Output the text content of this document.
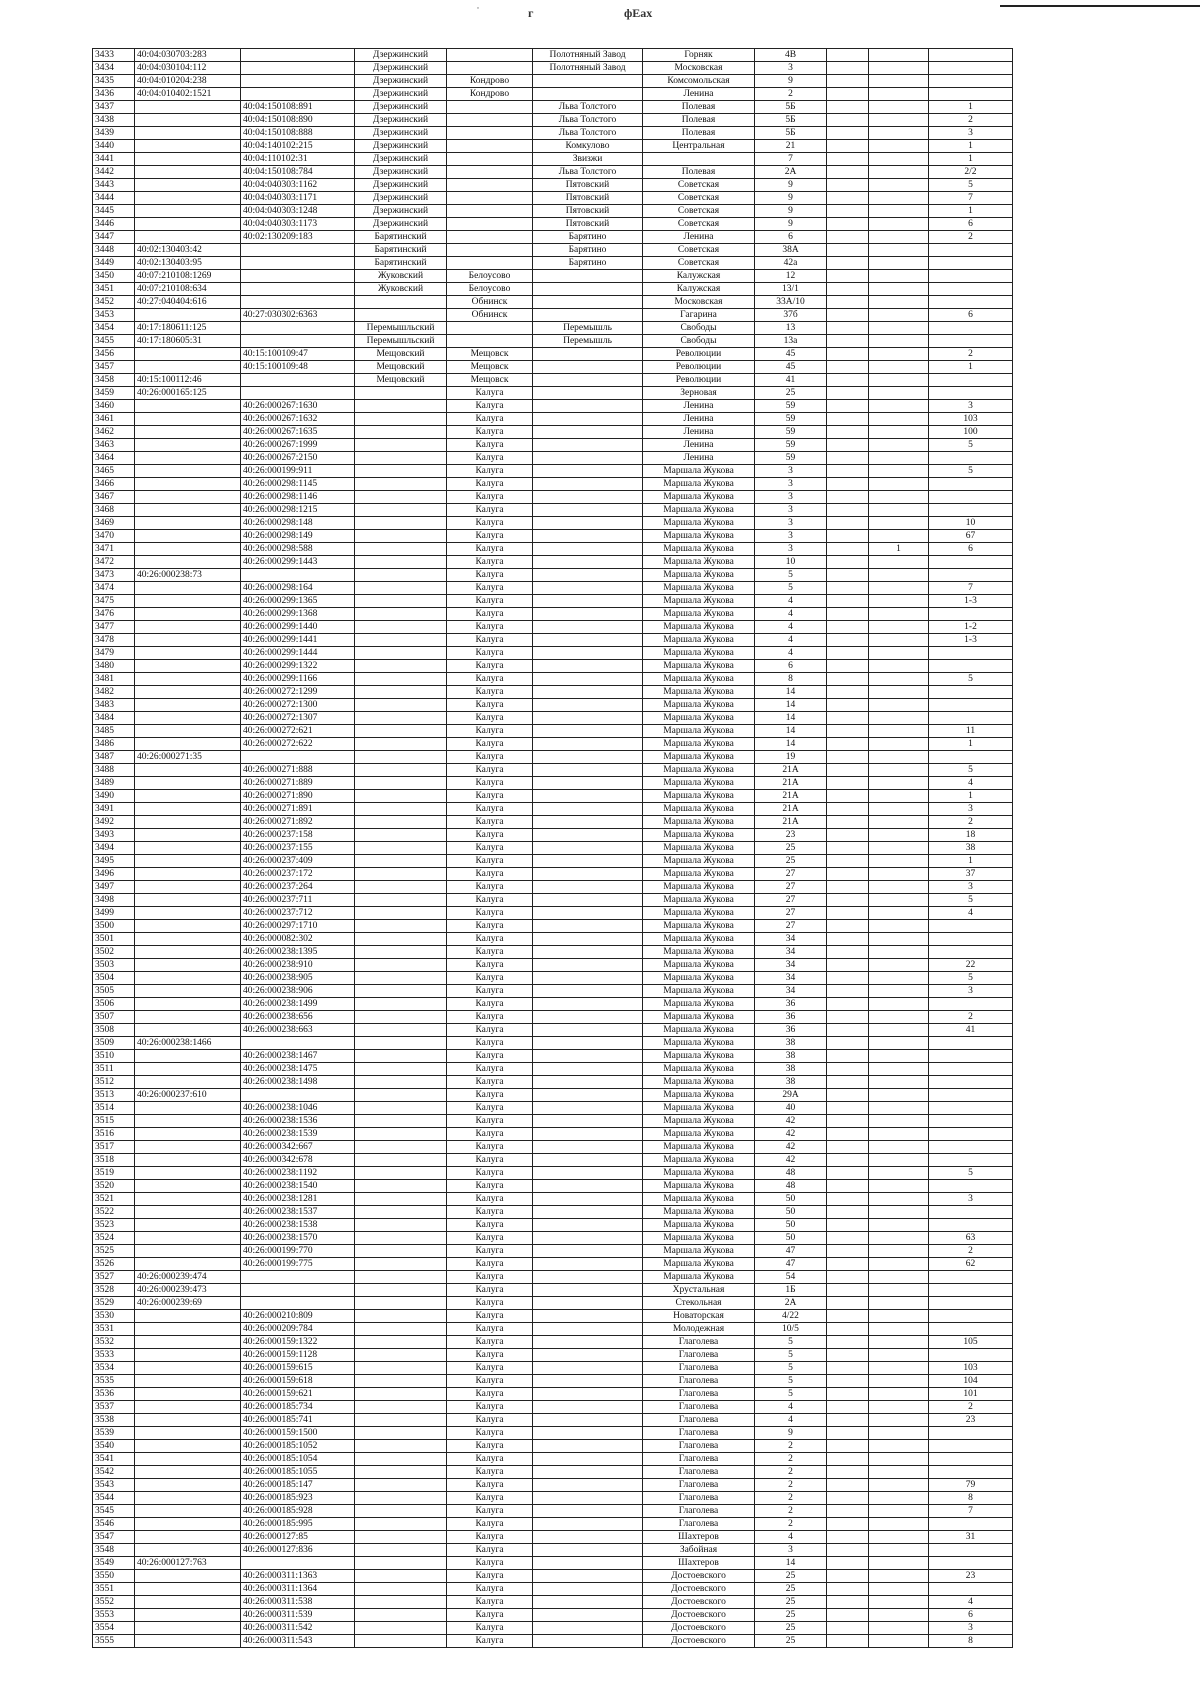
г	фЕах
3433	40:04:030703:283		Дзержинский		Полотняный Завод	Горняк	4В			
3434	40:04:030104:112		Дзержинский		Полотняный Завод	Московская	3			
3435	40:04:010204:238		Дзержинский	Кондрово		Комсомольская	9			
3436	40:04:010402:1521		Дзержинский	Кондрово		Ленина	2			
3437		40:04:150108:891	Дзержинский		Льва Толстого	Полевая	5Б			1
3438		40:04:150108:890	Дзержинский		Льва Толстого	Полевая	5Б			2
3439		40:04:150108:888	Дзержинский		Льва Толстого	Полевая	5Б			3
3440		40:04:140102:215	Дзержинский		Комкулово	Центральная	21			1
3441		40:04:110102:31	Дзержинский		Звизжи		7			1
3442		40:04:150108:784	Дзержинский		Льва Толстого	Полевая	2А			2/2
3443		40:04:040303:1162	Дзержинский		Пятовский	Советская	9			5
3444		40:04:040303:1171	Дзержинский		Пятовский	Советская	9			7
3445		40:04:040303:1248	Дзержинский		Пятовский	Советская	9			1
3446		40:04:040303:1173	Дзержинский		Пятовский	Советская	9			6
3447		40:02:130209:183	Барятинский		Барятино	Ленина	6			2
3448	40:02:130403:42		Барятинский		Барятино	Советская	38А			
3449	40:02:130403:95		Барятинский		Барятино	Советская	42а			
3450	40:07:210108:1269		Жуковский	Белоусово		Калужская	12			
3451	40:07:210108:634		Жуковский	Белоусово		Калужская	13/1			
3452	40:27:040404:616			Обнинск		Московская	33А/10			
3453		40:27:030302:6363		Обнинск		Гагарина	37б			6
3454	40:17:180611:125		Перемышльский		Перемышль	Свободы	13			
3455	40:17:180605:31		Перемышльский		Перемышль	Свободы	13а			
3456		40:15:100109:47	Мещовский	Мещовск		Революции	45			2
3457		40:15:100109:48	Мещовский	Мещовск		Революции	45			1
3458	40:15:100112:46		Мещовский	Мещовск		Революции	41			
3459	40:26:000165:125			Калуга		Зерновая	25			
3460		40:26:000267:1630		Калуга		Ленина	59			3
3461		40:26:000267:1632		Калуга		Ленина	59			103
3462		40:26:000267:1635		Калуга		Ленина	59			100
3463		40:26:000267:1999		Калуга		Ленина	59			5
3464		40:26:000267:2150		Калуга		Ленина	59			
3465		40:26:000199:911		Калуга		Маршала Жукова	3			5
3466		40:26:000298:1145		Калуга		Маршала Жукова	3			
3467		40:26:000298:1146		Калуга		Маршала Жукова	3			
3468		40:26:000298:1215		Калуга		Маршала Жукова	3			
3469		40:26:000298:148		Калуга		Маршала Жукова	3			10
3470		40:26:000298:149		Калуга		Маршала Жукова	3			67
3471		40:26:000298:588		Калуга		Маршала Жукова	3		1	6
3472		40:26:000299:1443		Калуга		Маршала Жукова	10			
3473	40:26:000238:73			Калуга		Маршала Жукова	5			
3474		40:26:000298:164		Калуга		Маршала Жукова	5			7
3475		40:26:000299:1365		Калуга		Маршала Жукова	4			1-3
3476		40:26:000299:1368		Калуга		Маршала Жукова	4			
3477		40:26:000299:1440		Калуга		Маршала Жукова	4			1-2
3478		40:26:000299:1441		Калуга		Маршала Жукова	4			1-3
3479		40:26:000299:1444		Калуга		Маршала Жукова	4			
3480		40:26:000299:1322		Калуга		Маршала Жукова	6			
3481		40:26:000299:1166		Калуга		Маршала Жукова	8			5
3482		40:26:000272:1299		Калуга		Маршала Жукова	14			
3483		40:26:000272:1300		Калуга		Маршала Жукова	14			
3484		40:26:000272:1307		Калуга		Маршала Жукова	14			
3485		40:26:000272:621		Калуга		Маршала Жукова	14			11
3486		40:26:000272:622		Калуга		Маршала Жукова	14			1
3487	40:26:000271:35			Калуга		Маршала Жукова	19			
3488		40:26:000271:888		Калуга		Маршала Жукова	21А			5
3489		40:26:000271:889		Калуга		Маршала Жукова	21А			4
3490		40:26:000271:890		Калуга		Маршала Жукова	21А			1
3491		40:26:000271:891		Калуга		Маршала Жукова	21А			3
3492		40:26:000271:892		Калуга		Маршала Жукова	21А			2
3493		40:26:000237:158		Калуга		Маршала Жукова	23			18
3494		40:26:000237:155		Калуга		Маршала Жукова	25			38
3495		40:26:000237:409		Калуга		Маршала Жукова	25			1
3496		40:26:000237:172		Калуга		Маршала Жукова	27			37
3497		40:26:000237:264		Калуга		Маршала Жукова	27			3
3498		40:26:000237:711		Калуга		Маршала Жукова	27			5
3499		40:26:000237:712		Калуга		Маршала Жукова	27			4
3500		40:26:000297:1710		Калуга		Маршала Жукова	27			
3501		40:26:000082:302		Калуга		Маршала Жукова	34			
3502		40:26:000238:1395		Калуга		Маршала Жукова	34			
3503		40:26:000238:910		Калуга		Маршала Жукова	34			22
3504		40:26:000238:905		Калуга		Маршала Жукова	34			5
3505		40:26:000238:906		Калуга		Маршала Жукова	34			3
3506		40:26:000238:1499		Калуга		Маршала Жукова	36			
3507		40:26:000238:656		Калуга		Маршала Жукова	36			2
3508		40:26:000238:663		Калуга		Маршала Жукова	36			41
3509	40:26:000238:1466			Калуга		Маршала Жукова	38			
3510		40:26:000238:1467		Калуга		Маршала Жукова	38			
3511		40:26:000238:1475		Калуга		Маршала Жукова	38			
3512		40:26:000238:1498		Калуга		Маршала Жукова	38			
3513	40:26:000237:610			Калуга		Маршала Жукова	29А			
3514		40:26:000238:1046		Калуга		Маршала Жукова	40			
3515		40:26:000238:1536		Калуга		Маршала Жукова	42			
3516		40:26:000238:1539		Калуга		Маршала Жукова	42			
3517		40:26:000342:667		Калуга		Маршала Жукова	42			
3518		40:26:000342:678		Калуга		Маршала Жукова	42			
3519		40:26:000238:1192		Калуга		Маршала Жукова	48			5
3520		40:26:000238:1540		Калуга		Маршала Жукова	48			
3521		40:26:000238:1281		Калуга		Маршала Жукова	50			3
3522		40:26:000238:1537		Калуга		Маршала Жукова	50			
3523		40:26:000238:1538		Калуга		Маршала Жукова	50			
3524		40:26:000238:1570		Калуга		Маршала Жукова	50			63
3525		40:26:000199:770		Калуга		Маршала Жукова	47			2
3526		40:26:000199:775		Калуга		Маршала Жукова	47			62
3527	40:26:000239:474			Калуга		Маршала Жукова	54			
3528	40:26:000239:473			Калуга		Хрустальная	1Б			
3529	40:26:000239:69			Калуга		Стекольная	2А			
3530		40:26:000210:809		Калуга		Новаторская	4/22			
3531		40:26:000209:784		Калуга		Молодежная	10/5			
3532		40:26:000159:1322		Калуга		Глаголева	5			105
3533		40:26:000159:1128		Калуга		Глаголева	5			
3534		40:26:000159:615		Калуга		Глаголева	5			103
3535		40:26:000159:618		Калуга		Глаголева	5			104
3536		40:26:000159:621		Калуга		Глаголева	5			101
3537		40:26:000185:734		Калуга		Глаголева	4			2
3538		40:26:000185:741		Калуга		Глаголева	4			23
3539		40:26:000159:1500		Калуга		Глаголева	9			
3540		40:26:000185:1052		Калуга		Глаголева	2			
3541		40:26:000185:1054		Калуга		Глаголева	2			
3542		40:26:000185:1055		Калуга		Глаголева	2			
3543		40:26:000185:147		Калуга		Глаголева	2			79
3544		40:26:000185:923		Калуга		Глаголева	2			8
3545		40:26:000185:928		Калуга		Глаголева	2			7
3546		40:26:000185:995		Калуга		Глаголева	2			
3547		40:26:000127:85		Калуга		Шахтеров	4			31
3548		40:26:000127:836		Калуга		Забойная	3			
3549	40:26:000127:763			Калуга		Шахтеров	14			
3550		40:26:000311:1363		Калуга		Достоевского	25			23
3551		40:26:000311:1364		Калуга		Достоевского	25			
3552		40:26:000311:538		Калуга		Достоевского	25			4
3553		40:26:000311:539		Калуга		Достоевского	25			6
3554		40:26:000311:542		Калуга		Достоевского	25			3
3555		40:26:000311:543		Калуга		Достоевского	25			8
